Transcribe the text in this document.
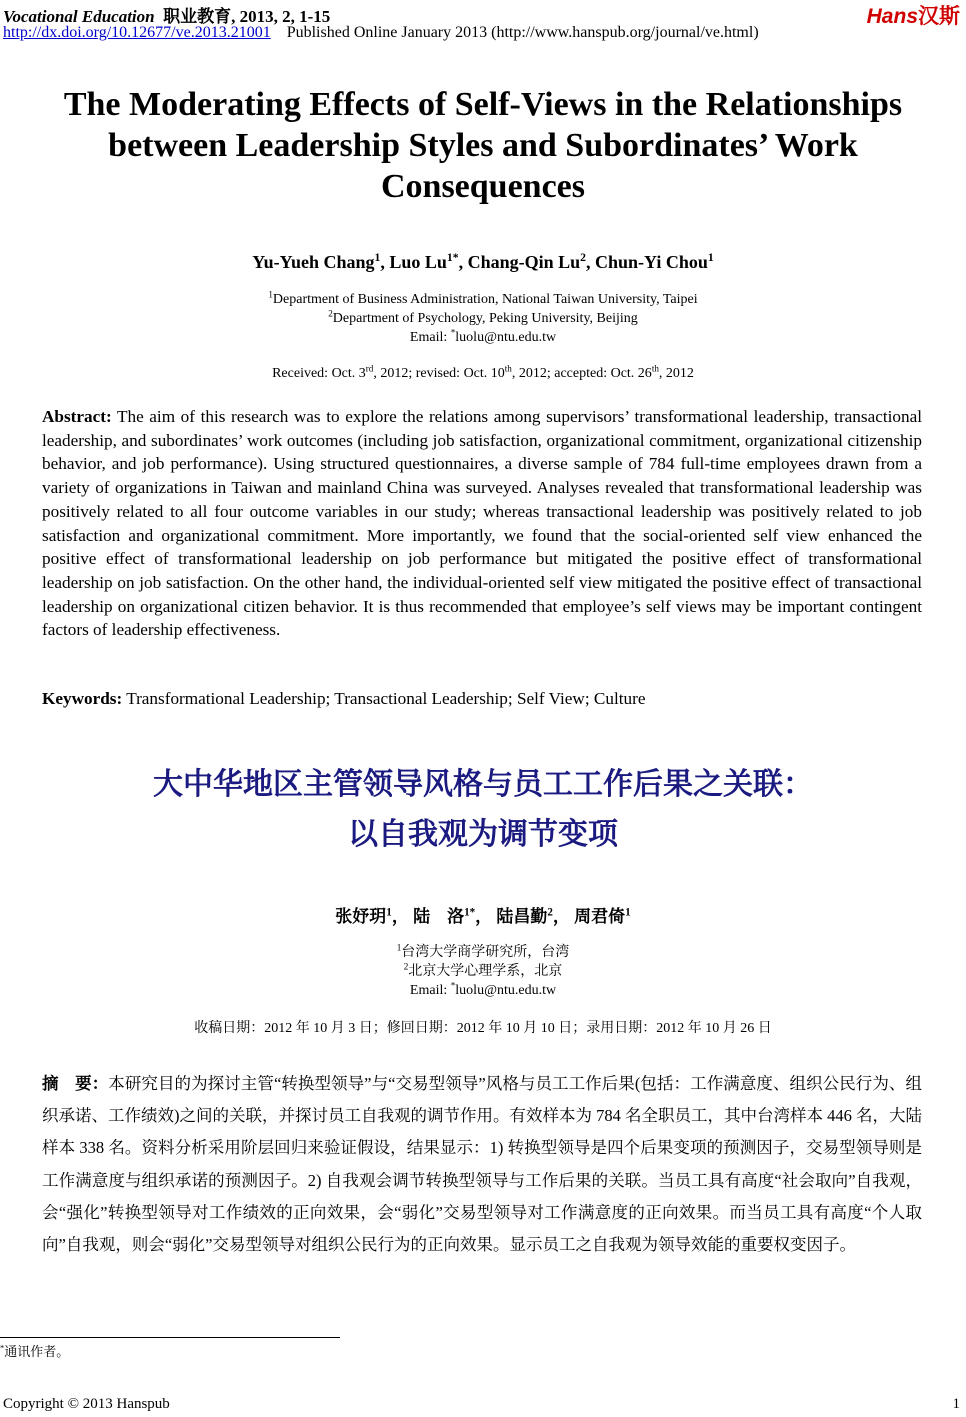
Vocational Education 职业教育, 2013, 2, 1-15
http://dx.doi.org/10.12677/ve.2013.21001 Published Online January 2013 (http://www.hanspub.org/journal/ve.html)
Hans汉斯
The Moderating Effects of Self-Views in the Relationships between Leadership Styles and Subordinates’ Work Consequences
Yu-Yueh Chang$^1$, Luo $Lu^{1*}$, Chang-Qin Lu$^2$, Chun-Yi Chou$^1$
$^1$Department of Business Administration, National Taiwan University, Taipei
$^2$Department of Psychology, Peking University, Beijing
Email: *luolu@ntu.edu.tw
Received: Oct. 3rd, 2012; revised: Oct. 10th, 2012; accepted: Oct. 26th, 2012
Abstract: The aim of this research was to explore the relations among supervisors’ transformational leadership, transactional leadership, and subordinates’ work outcomes (including job satisfaction, organizational commitment, organizational citizenship behavior, and job performance). Using structured questionnaires, a diverse sample of 784 full-time employees drawn from a variety of organizations in Taiwan and mainland China was surveyed. Analyses revealed that transformational leadership was positively related to all four outcome variables in our study; whereas transactional leadership was positively related to job satisfaction and organizational commitment. More importantly, we found that the social-oriented self view enhanced the positive effect of transformational leadership on job performance but mitigated the positive effect of transformational leadership on job satisfaction. On the other hand, the individual-oriented self view mitigated the positive effect of transactional leadership on organizational citizen behavior. It is thus recommended that employee’s self views may be important contingent factors of leadership effectiveness.
Keywords: Transformational Leadership; Transactional Leadership; Self View; Culture
大中华地区主管领导风格与员工工作后果之关联：
以自我观为调节变项
张妤玥$^1$， 陆　洛$^{1*}$， 陆昌勤$^2$， 周君倚$^1$
$^1$台湾大学商学研究所，台湾
$^2$北京大学心理学系，北京
Email: *luolu@ntu.edu.tw
收稿日期：2012 年 10 月 3 日；修回日期：2012 年 10 月 10 日；录用日期：2012 年 10 月 26 日
摘　要：本研究目的为探讨主管“转换型领导”与“交易型领导”风格与员工工作后果(包括：工作满意度、组织公民行为、组织承诺、工作绩效)之间的关联，并探讨员工自我观的调节作用。有效样本为 784 名全职员工，其中台湾样本 446 名，大陆样本 338 名。资料分析采用阶层回归来验证假设，结果显示：1) 转换型领导是四个后果变项的预测因子，交易型领导则是工作满意度与组织承诺的预测因子。2) 自我观会调节转换型领导与工作后果的关联。当员工具有高度“社会取向”自我观，会“强化”转换型领导对工作绩效的正向效果，会“弱化”交易型领导对工作满意度的正向效果。而当员工具有高度“个人取向”自我观，则会“弱化”交易型领导对组织公民行为的正向效果。显示员工之自我观为领导效能的重要权变因子。
*通讯作者。
Copyright © 2013 Hanspub	1
